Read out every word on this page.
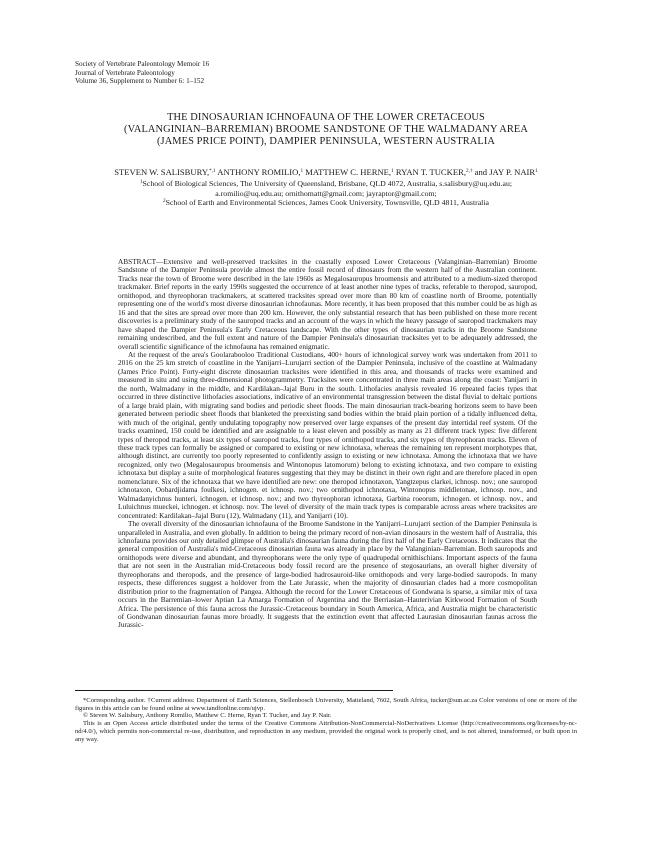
Society of Vertebrate Paleontology Memoir 16
Journal of Vertebrate Paleontology
Volume 36, Supplement to Number 6: 1–152
THE DINOSAURIAN ICHNOFAUNA OF THE LOWER CRETACEOUS
(VALANGINIAN–BARREMIAN) BROOME SANDSTONE OF THE WALMADANY AREA
(JAMES PRICE POINT), DAMPIER PENINSULA, WESTERN AUSTRALIA
STEVEN W. SALISBURY,$^{*,1}$ ANTHONY ROMILIO,$^1$ MATTHEW C. HERNE,$^1$ RYAN T. TUCKER,$^{2,\dagger}$ and JAY P. NAIR$^1$
$^1$School of Biological Sciences, The University of Queensland, Brisbane, QLD 4072, Australia, s.salisbury@uq.edu.au;
a.romilio@uq.edu.au; ornithomatt@gmail.com; jayraptor@gmail.com;
$^2$School of Earth and Environmental Sciences, James Cook University, Townsville, QLD 4811, Australia

ABSTRACT—Extensive and well-preserved tracksites in the coastally exposed Lower Cretaceous (Valanginian–Barremian) Broome Sandstone of the Dampier Peninsula provide almost the entire fossil record of dinosaurs from the western half of the Australian continent. Tracks near the town of Broome were described in the late 1960s as Megalosauropus broomensis and attributed to a medium-sized theropod trackmaker. Brief reports in the early 1990s suggested the occurrence of at least another nine types of tracks, referable to theropod, sauropod, ornithopod, and thyreophoran trackmakers, at scattered tracksites spread over more than 80 km of coastline north of Broome, potentially representing one of the world's most diverse dinosaurian ichnofaunas. More recently, it has been proposed that this number could be as high as 16 and that the sites are spread over more than 200 km. However, the only substantial research that has been published on these more recent discoveries is a preliminary study of the sauropod tracks and an account of the ways in which the heavy passage of sauropod trackmakers may have shaped the Dampier Peninsula's Early Cretaceous landscape. With the other types of dinosaurian tracks in the Broome Sandstone remaining undescribed, and the full extent and nature of the Dampier Peninsula's dinosaurian tracksites yet to be adequately addressed, the overall scientific significance of the ichnofauna has remained enigmatic.

At the request of the area's Goolarabooloo Traditional Custodians, 400+ hours of ichnological survey work was undertaken from 2011 to 2016 on the 25 km stretch of coastline in the Yanijarri–Lurujarri section of the Dampier Peninsula, inclusive of the coastline at Walmadany (James Price Point). Forty-eight discrete dinosaurian tracksites were identified in this area, and thousands of tracks were examined and measured in situ and using three-dimensional photogrammetry. Tracksites were concentrated in three main areas along the coast: Yanijarri in the north, Walmadany in the middle, and Kardilakan–Jajal Buru in the south. Lithofacies analysis revealed 16 repeated facies types that occurred in three distinctive lithofacies associations, indicative of an environmental transgression between the distal fluvial to deltaic portions of a large braid plain, with migrating sand bodies and periodic sheet floods. The main dinosaurian track-bearing horizons seem to have been generated between periodic sheet floods that blanketed the preexisting sand bodies within the braid plain portion of a tidally influenced delta, with much of the original, gently undulating topography now preserved over large expanses of the present day intertidal reef system. Of the tracks examined, 150 could be identified and are assignable to a least eleven and possibly as many as 21 different track types: five different types of theropod tracks, at least six types of sauropod tracks, four types of ornithopod tracks, and six types of thyreophoran tracks. Eleven of these track types can formally be assigned or compared to existing or new ichnotaxa, whereas the remaining ten represent morphotypes that, although distinct, are currently too poorly represented to confidently assign to existing or new ichnotaxa. Among the ichnotaxa that we have recognized, only two (Megalosauropus broomensis and Wintonopus latomorum) belong to existing ichnotaxa, and two compare to existing ichnotaxa but display a suite of morphological features suggesting that they may be distinct in their own right and are therefore placed in open nomenclature. Six of the ichnotaxa that we have identified are new: one theropod ichnotaxon, Yangtzepus clarkei, ichnosp. nov.; one sauropod ichnotaxon, Oobardjidama foulkesi, ichnogen. et ichnosp. nov.; two ornithopod ichnotaxa, Wintonopus middletonae, ichnosp. nov., and Walmadanyichnus hunteri, ichnogen. et ichnosp. nov.; and two thyreophoran ichnotaxa, Garbina roeorum, ichnogen. et ichnosp. nov., and Luluichnus mueckei, ichnogen. et ichnosp. nov. The level of diversity of the main track types is comparable across areas where tracksites are concentrated: Kardilakan–Jajal Buru (12), Walmadany (11), and Yanijarri (10).

The overall diversity of the dinosaurian ichnofauna of the Broome Sandstone in the Yanijarri–Lurujarri section of the Dampier Peninsula is unparalleled in Australia, and even globally. In addition to being the primary record of non-avian dinosaurs in the western half of Australia, this ichnofauna provides our only detailed glimpse of Australia's dinosaurian fauna during the first half of the Early Cretaceous. It indicates that the general composition of Australia's mid-Cretaceous dinosaurian fauna was already in place by the Valanginian–Barremian. Both sauropods and ornithopods were diverse and abundant, and thyreophorans were the only type of quadrupedal ornithischians. Important aspects of the fauna that are not seen in the Australian mid-Cretaceous body fossil record are the presence of stegosaurians, an overall higher diversity of thyreophorans and theropods, and the presence of large-bodied hadrosauroid-like ornithopods and very large-bodied sauropods. In many respects, these differences suggest a holdover from the Late Jurassic, when the majority of dinosaurian clades had a more cosmopolitan distribution prior to the fragmentation of Pangea. Although the record for the Lower Cretaceous of Gondwana is sparse, a similar mix of taxa occurs in the Barremian–lower Aptian La Amarga Formation of Argentina and the Berriasian–Hauterivian Kirkwood Formation of South Africa. The persistence of this fauna across the Jurassic-Cretaceous boundary in South America, Africa, and Australia might be characteristic of Gondwanan dinosaurian faunas more broadly. It suggests that the extinction event that affected Laurasian dinosaurian faunas across the Jurassic-

*Corresponding author. †Current address: Department of Earth Sciences, Stellenbosch University, Matieland, 7602, South Africa, tucker@sun.ac.za Color versions of one or more of the figures in this article can be found online at www.tandfonline.com/ujvp.

© Steven W. Salisbury, Anthony Romilio, Matthew C. Herne, Ryan T. Tucker, and Jay P. Nair.

This is an Open Access article distributed under the terms of the Creative Commons Attribution-NonCommercial-NoDerivatives License (http://creativecommons.org/licenses/by-nc-nd/4.0/), which permits non-commercial re-use, distribution, and reproduction in any medium, provided the original work is properly cited, and is not altered, transformed, or built upon in any way.
